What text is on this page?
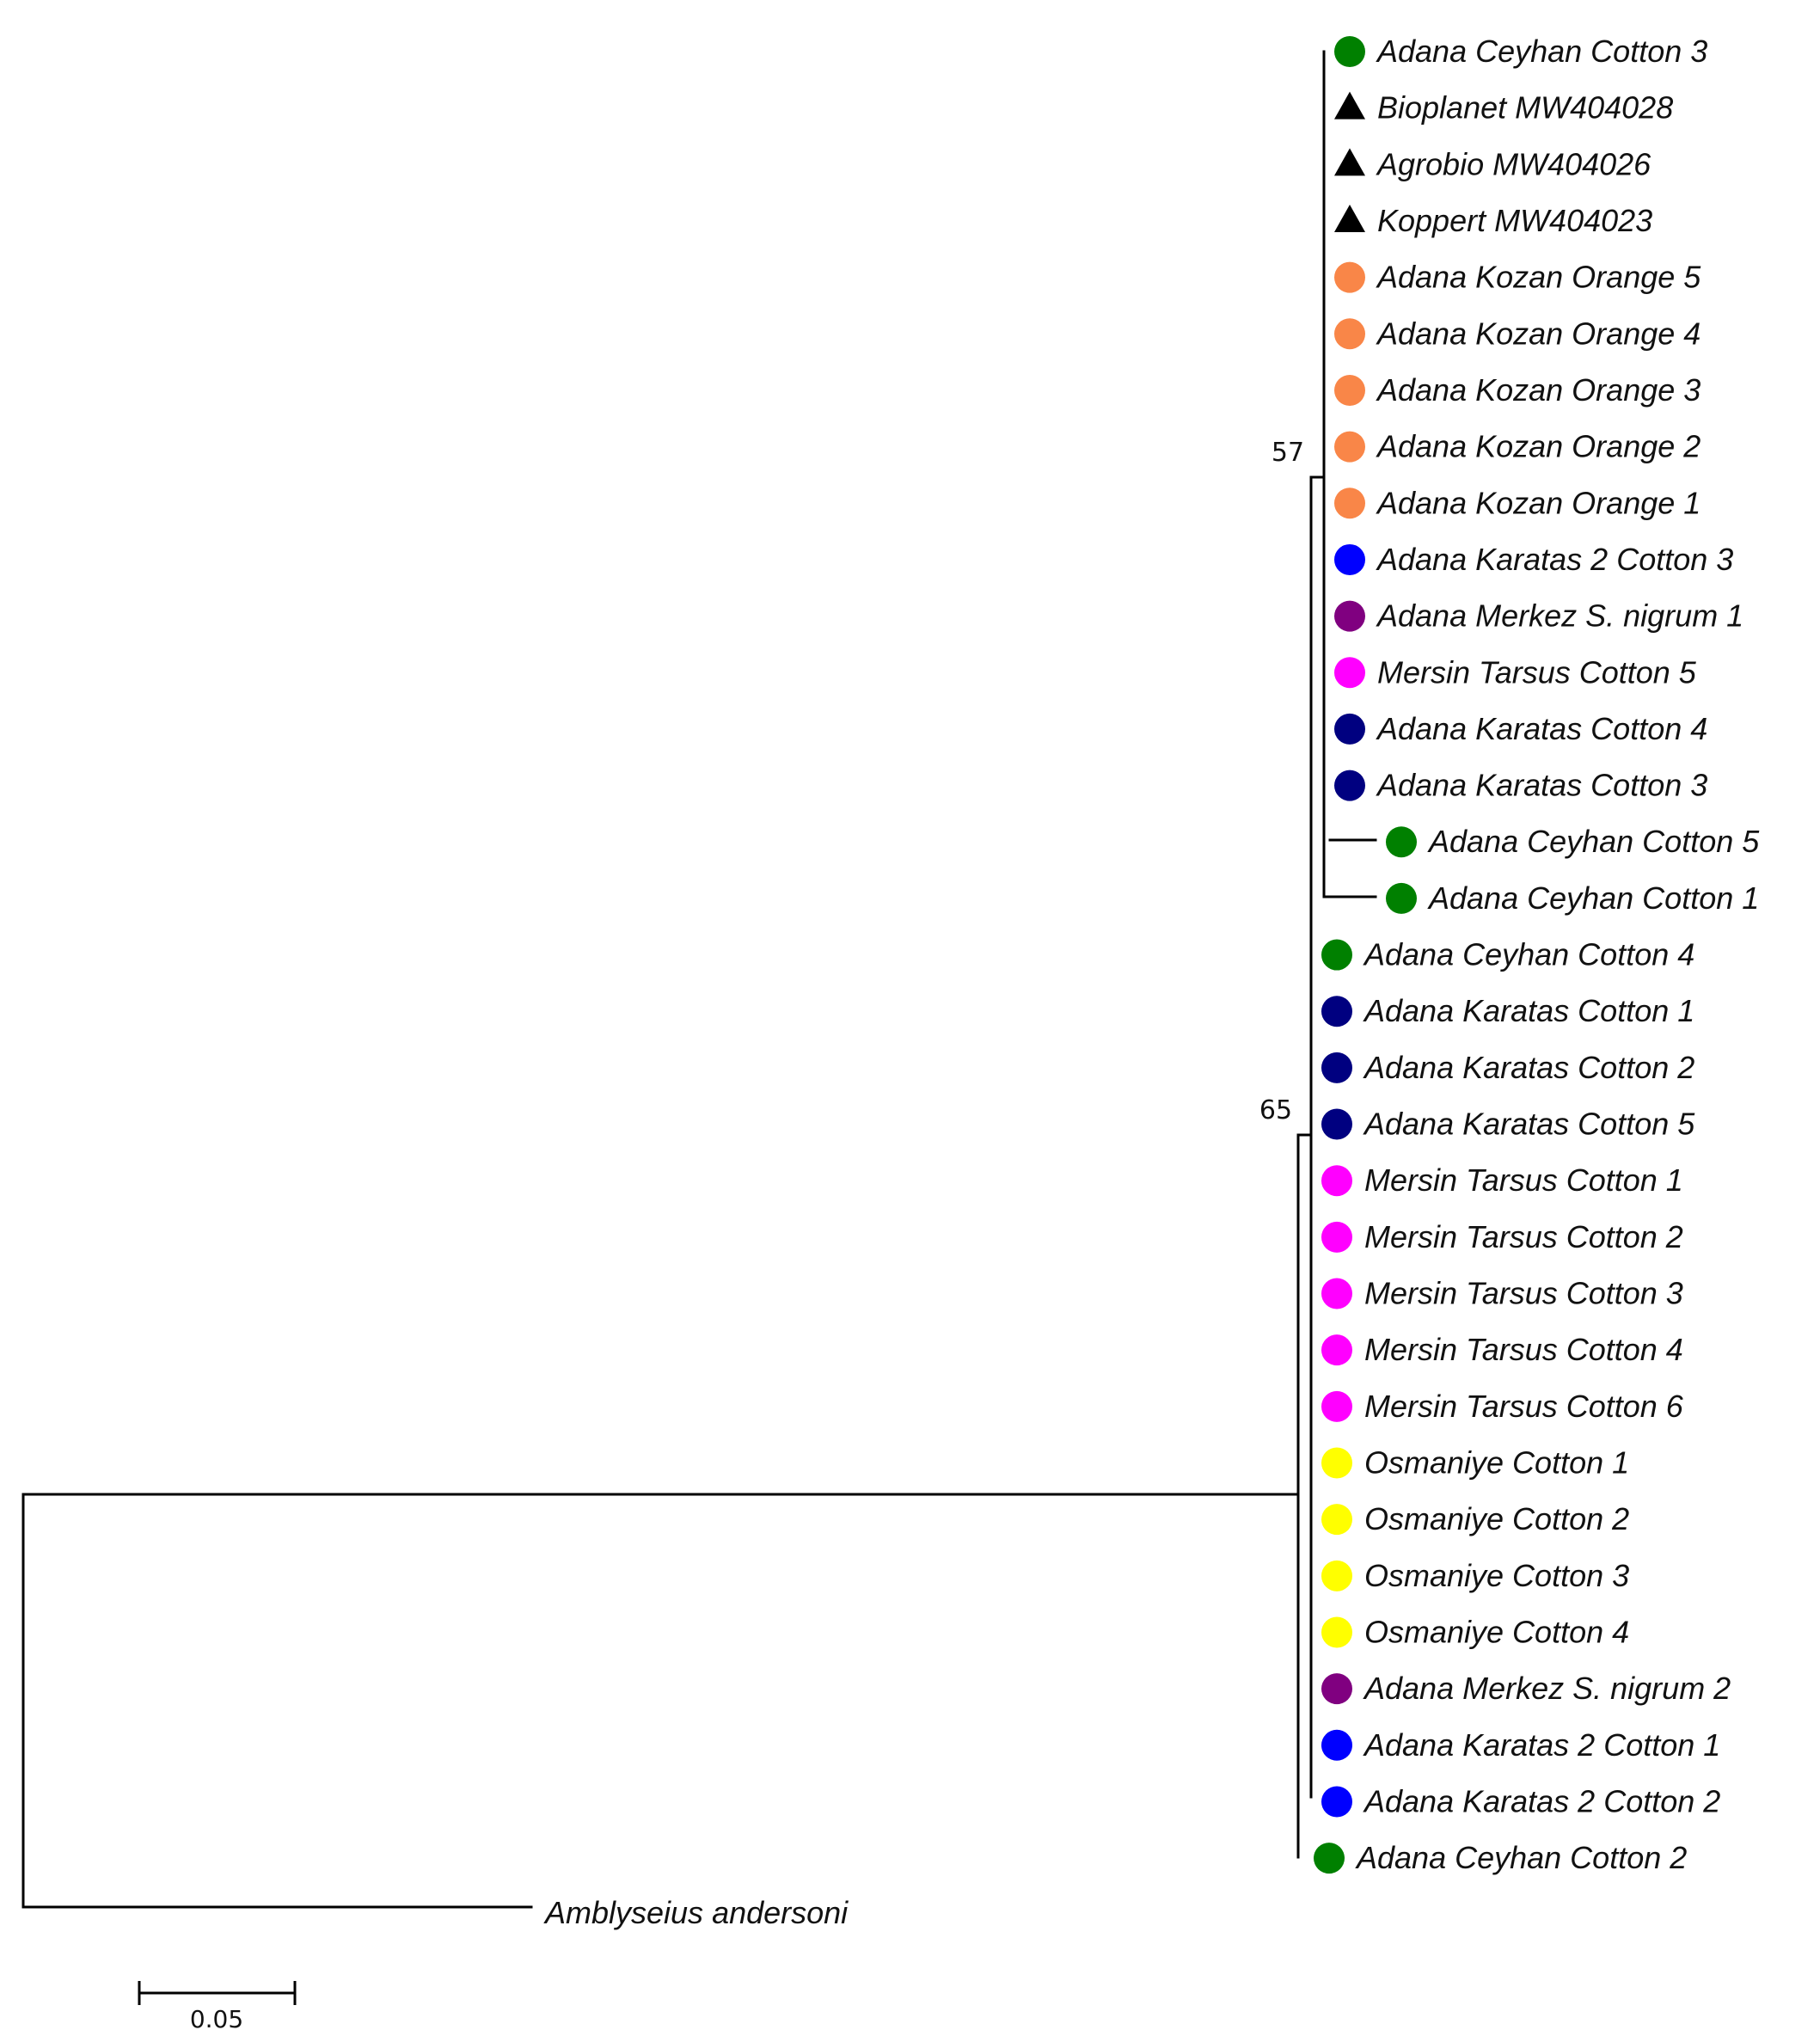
Adana Ceyhan Cotton 3
Bioplanet MW404028
Agrobio MW404026
Koppert MW404023
Adana Kozan Orange 5
Adana Kozan Orange 4
Adana Kozan Orange 3
Adana Kozan Orange 2
Adana Kozan Orange 1
Adana Karatas 2 Cotton 3
Adana Merkez S. nigrum 1
Mersin Tarsus Cotton 5
Adana Karatas Cotton 4
Adana Karatas Cotton 3
Adana Ceyhan Cotton 5
Adana Ceyhan Cotton 1
Adana Ceyhan Cotton 4
Adana Karatas Cotton 1
Adana Karatas Cotton 2
Adana Karatas Cotton 5
Mersin Tarsus Cotton 1
Mersin Tarsus Cotton 2
Mersin Tarsus Cotton 3
Mersin Tarsus Cotton 4
Mersin Tarsus Cotton 6
Osmaniye Cotton 1
Osmaniye Cotton 2
Osmaniye Cotton 3
Osmaniye Cotton 4
Adana Merkez S. nigrum 2
Adana Karatas 2 Cotton 1
Adana Karatas 2 Cotton 2
Adana Ceyhan Cotton 2
57
65
Amblyseius andersoni
0.05
